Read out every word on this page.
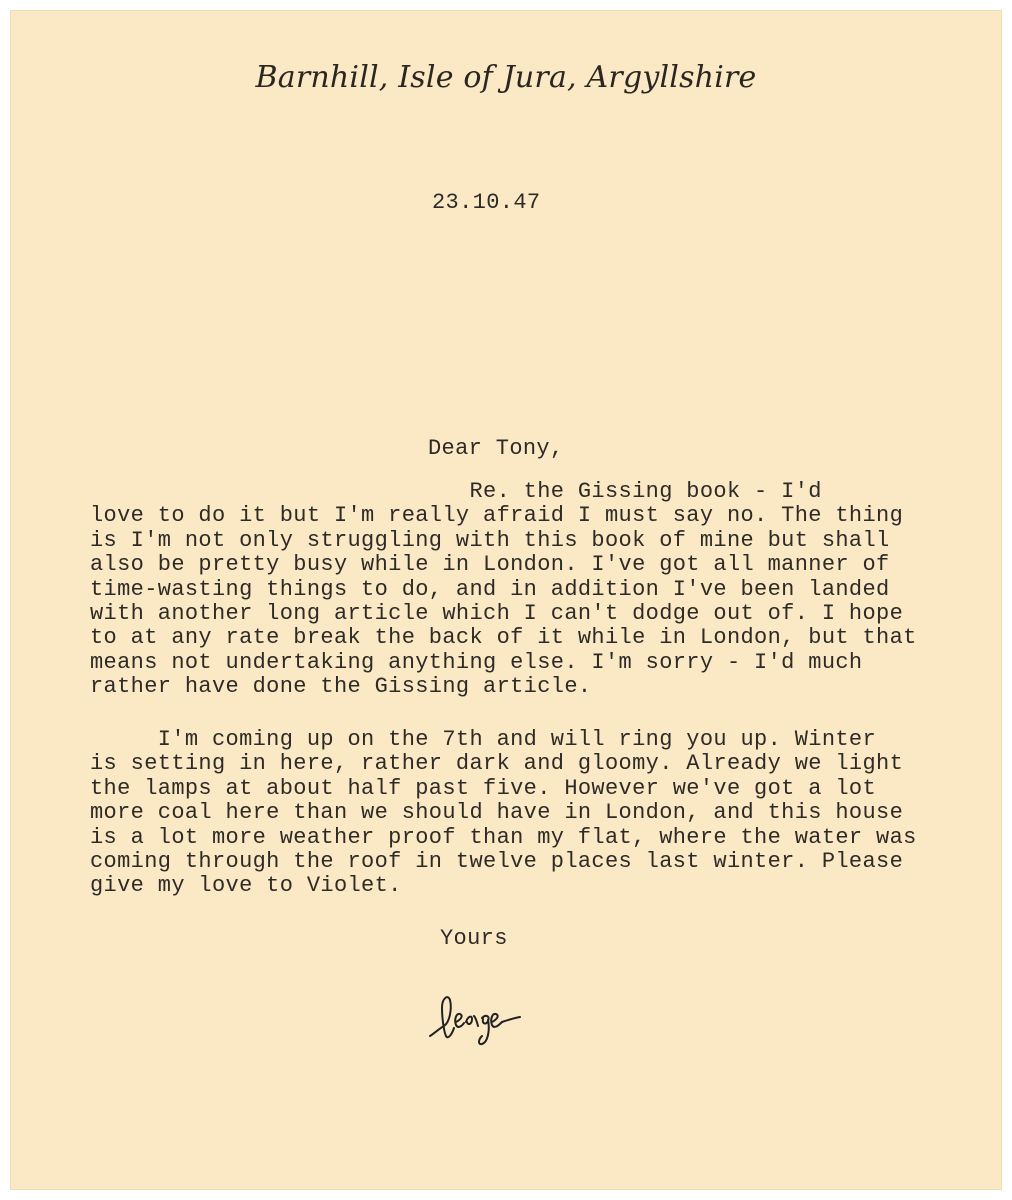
Barnhill, Isle of Jura, Argyllshire
23.10.47
Dear Tony,
Re. the Gissing book - I'd
love to do it but I'm really afraid I must say no. The thing
is I'm not only struggling with this book of mine but shall
also be pretty busy while in London. I've got all manner of
time-wasting things to do, and in addition I've been landed
with another long article which I can't dodge out of. I hope
to at any rate break the back of it while in London, but that
means not undertaking anything else. I'm sorry - I'd much
rather have done the Gissing article.
I'm coming up on the 7th and will ring you up. Winter
is setting in here, rather dark and gloomy. Already we light
the lamps at about half past five. However we've got a lot
more coal here than we should have in London, and this house
is a lot more weather proof than my flat, where the water was
coming through the roof in twelve places last winter. Please
give my love to Violet.
Yours
